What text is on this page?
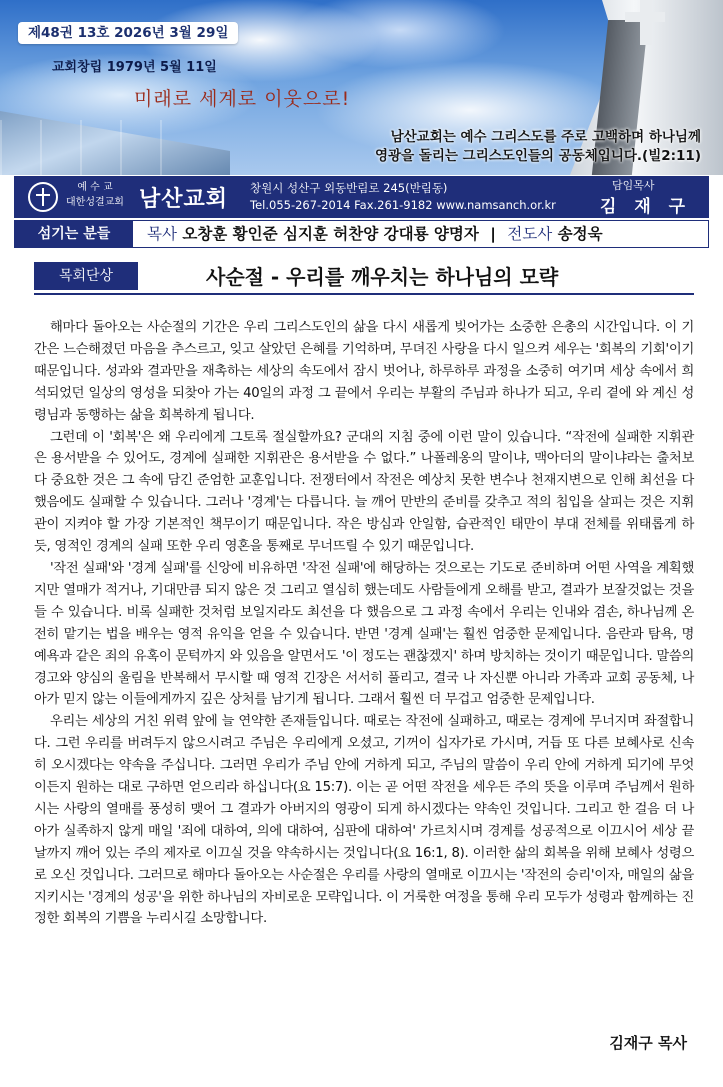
제48권 13호 2026년 3월 29일
교회창립 1979년 5월 11일
미래로 세계로 이웃으로!
남산교회는 예수 그리스도를 주로 고백하며 하나님께
영광을 돌리는 그리스도인들의 공동체입니다.(빌2:11)
예 수 교
대한성결교회 남산교회 창원시 성산구 외동반림로 245(반림동)
Tel.055-267-2014 Fax.261-9182 www.namsanch.or.kr
담임목사
김 재 구
섬기는 분들	목사 오창훈 황인준 심지훈 허찬양 강대룡 양명자 | 전도사 송정욱
목회단상	사순절 - 우리를 깨우치는 하나님의 모략

해마다 돌아오는 사순절의 기간은 우리 그리스도인의 삶을 다시 새롭게 빚어가는 소중한 은총의 시간입니다. 이 기간은 느슨해졌던 마음을 추스르고, 잊고 살았던 은혜를 기억하며, 무뎌진 사랑을 다시 일으켜 세우는 '회복의 기회'이기 때문입니다. 성과와 결과만을 재촉하는 세상의 속도에서 잠시 벗어나, 하루하루 과정을 소중히 여기며 세상 속에서 희석되었던 일상의 영성을 되찾아 가는 40일의 과정 그 끝에서 우리는 부활의 주님과 하나가 되고, 우리 곁에 와 계신 성령님과 동행하는 삶을 회복하게 됩니다.

그런데 이 '회복'은 왜 우리에게 그토록 절실할까요? 군대의 지침 중에 이런 말이 있습니다. “작전에 실패한 지휘관은 용서받을 수 있어도, 경계에 실패한 지휘관은 용서받을 수 없다.” 나폴레옹의 말이냐, 맥아더의 말이냐라는 출처보다 중요한 것은 그 속에 담긴 준엄한 교훈입니다. 전쟁터에서 작전은 예상치 못한 변수나 천재지변으로 인해 최선을 다했음에도 실패할 수 있습니다. 그러나 '경계'는 다릅니다. 늘 깨어 만반의 준비를 갖추고 적의 침입을 살피는 것은 지휘관이 지켜야 할 가장 기본적인 책무이기 때문입니다. 작은 방심과 안일함, 습관적인 태만이 부대 전체를 위태롭게 하듯, 영적인 경계의 실패 또한 우리 영혼을 통째로 무너뜨릴 수 있기 때문입니다.

'작전 실패'와 '경계 실패'를 신앙에 비유하면 '작전 실패'에 해당하는 것으로는 기도로 준비하며 어떤 사역을 계획했지만 열매가 적거나, 기대만큼 되지 않은 것 그리고 열심히 했는데도 사람들에게 오해를 받고, 결과가 보잘것없는 것을 들 수 있습니다. 비록 실패한 것처럼 보일지라도 최선을 다 했음으로 그 과정 속에서 우리는 인내와 겸손, 하나님께 온전히 맡기는 법을 배우는 영적 유익을 얻을 수 있습니다. 반면 '경계 실패'는 훨씬 엄중한 문제입니다. 음란과 탐욕, 명예욕과 같은 죄의 유혹이 문턱까지 와 있음을 알면서도 '이 정도는 괜찮겠지' 하며 방치하는 것이기 때문입니다. 말씀의 경고와 양심의 울림을 반복해서 무시할 때 영적 긴장은 서서히 풀리고, 결국 나 자신뿐 아니라 가족과 교회 공동체, 나아가 믿지 않는 이들에게까지 깊은 상처를 남기게 됩니다. 그래서 훨씬 더 무겁고 엄중한 문제입니다.

우리는 세상의 거친 위력 앞에 늘 연약한 존재들입니다. 때로는 작전에 실패하고, 때로는 경계에 무너지며 좌절합니다. 그런 우리를 버려두지 않으시려고 주님은 우리에게 오셨고, 기꺼이 십자가로 가시며, 거듭 또 다른 보혜사로 신속히 오시겠다는 약속을 주십니다. 그러면 우리가 주님 안에 거하게 되고, 주님의 말씀이 우리 안에 거하게 되기에 무엇이든지 원하는 대로 구하면 얻으리라 하십니다(요 15:7). 이는 곧 어떤 작전을 세우든 주의 뜻을 이루며 주님께서 원하시는 사랑의 열매를 풍성히 맺어 그 결과가 아버지의 영광이 되게 하시겠다는 약속인 것입니다. 그리고 한 걸음 더 나아가 실족하지 않게 매일 '죄에 대하여, 의에 대하여, 심판에 대하여' 가르치시며 경계를 성공적으로 이끄시어 세상 끝날까지 깨어 있는 주의 제자로 이끄실 것을 약속하시는 것입니다(요 16:1, 8). 이러한 삶의 회복을 위해 보혜사 성령으로 오신 것입니다. 그러므로 해마다 돌아오는 사순절은 우리를 사랑의 열매로 이끄시는 '작전의 승리'이자, 매일의 삶을 지키시는 '경계의 성공'을 위한 하나님의 자비로운 모략입니다. 이 거룩한 여정을 통해 우리 모두가 성령과 함께하는 진정한 회복의 기쁨을 누리시길 소망합니다.

김재구 목사
